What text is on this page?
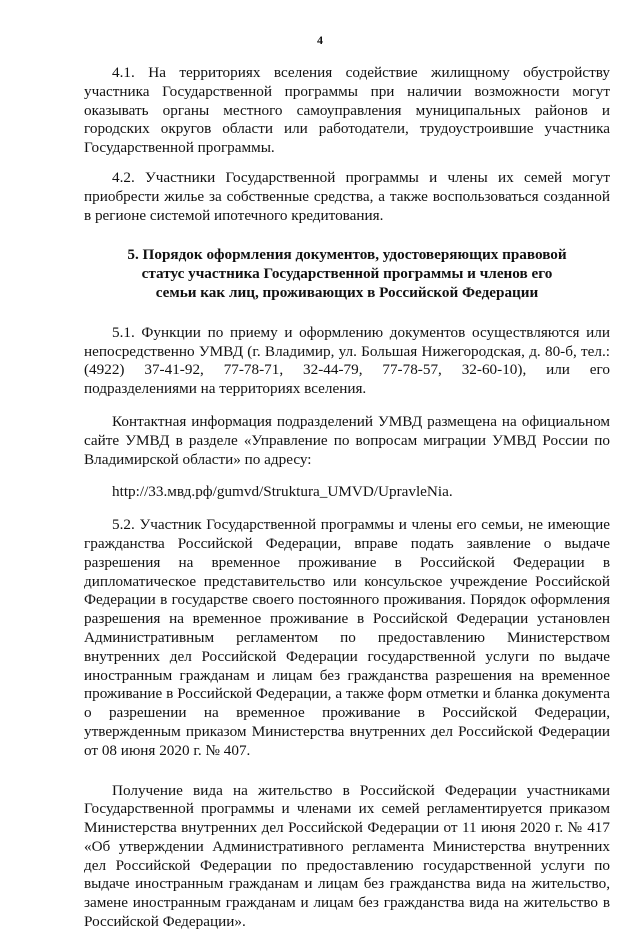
4

4.1. На территориях вселения содействие жилищному обустройству участника Государственной программы при наличии возможности могут оказывать органы местного самоуправления муниципальных районов и городских округов области или работодатели, трудоустроившие участника Государственной программы.

4.2. Участники Государственной программы и члены их семей могут приобрести жилье за собственные средства, а также воспользоваться созданной в регионе системой ипотечного кредитования.

5. Порядок оформления документов, удостоверяющих правовой
статус участника Государственной программы и членов его
семьи как лиц, проживающих в Российской Федерации

5.1. Функции по приему и оформлению документов осуществляются или непосредственно УМВД (г. Владимир, ул. Большая Нижегородская, д. 80-б, тел.: (4922) 37-41-92, 77-78-71, 32-44-79, 77-78-57, 32-60-10), или его подразделениями на территориях вселения.

Контактная информация подразделений УМВД размещена на официальном сайте УМВД в разделе «Управление по вопросам миграции УМВД России по Владимирской области» по адресу:

http://33.мвд.рф/gumvd/Struktura_UMVD/UpravleNia.

5.2. Участник Государственной программы и члены его семьи, не имеющие гражданства Российской Федерации, вправе подать заявление о выдаче разрешения на временное проживание в Российской Федерации в дипломатическое представительство или консульское учреждение Российской Федерации в государстве своего постоянного проживания. Порядок оформления разрешения на временное проживание в Российской Федерации установлен Административным регламентом по предоставлению Министерством внутренних дел Российской Федерации государственной услуги по выдаче иностранным гражданам и лицам без гражданства разрешения на временное проживание в Российской Федерации, а также форм отметки и бланка документа о разрешении на временное проживание в Российской Федерации, утвержденным приказом Министерства внутренних дел Российской Федерации от 08 июня 2020 г. № 407.

Получение вида на жительство в Российской Федерации участниками Государственной программы и членами их семей регламентируется приказом Министерства внутренних дел Российской Федерации от 11 июня 2020 г. № 417 «Об утверждении Административного регламента Министерства внутренних дел Российской Федерации по предоставлению государственной услуги по выдаче иностранным гражданам и лицам без гражданства вида на жительство, замене иностранным гражданам и лицам без гражданства вида на жительство в Российской Федерации».
